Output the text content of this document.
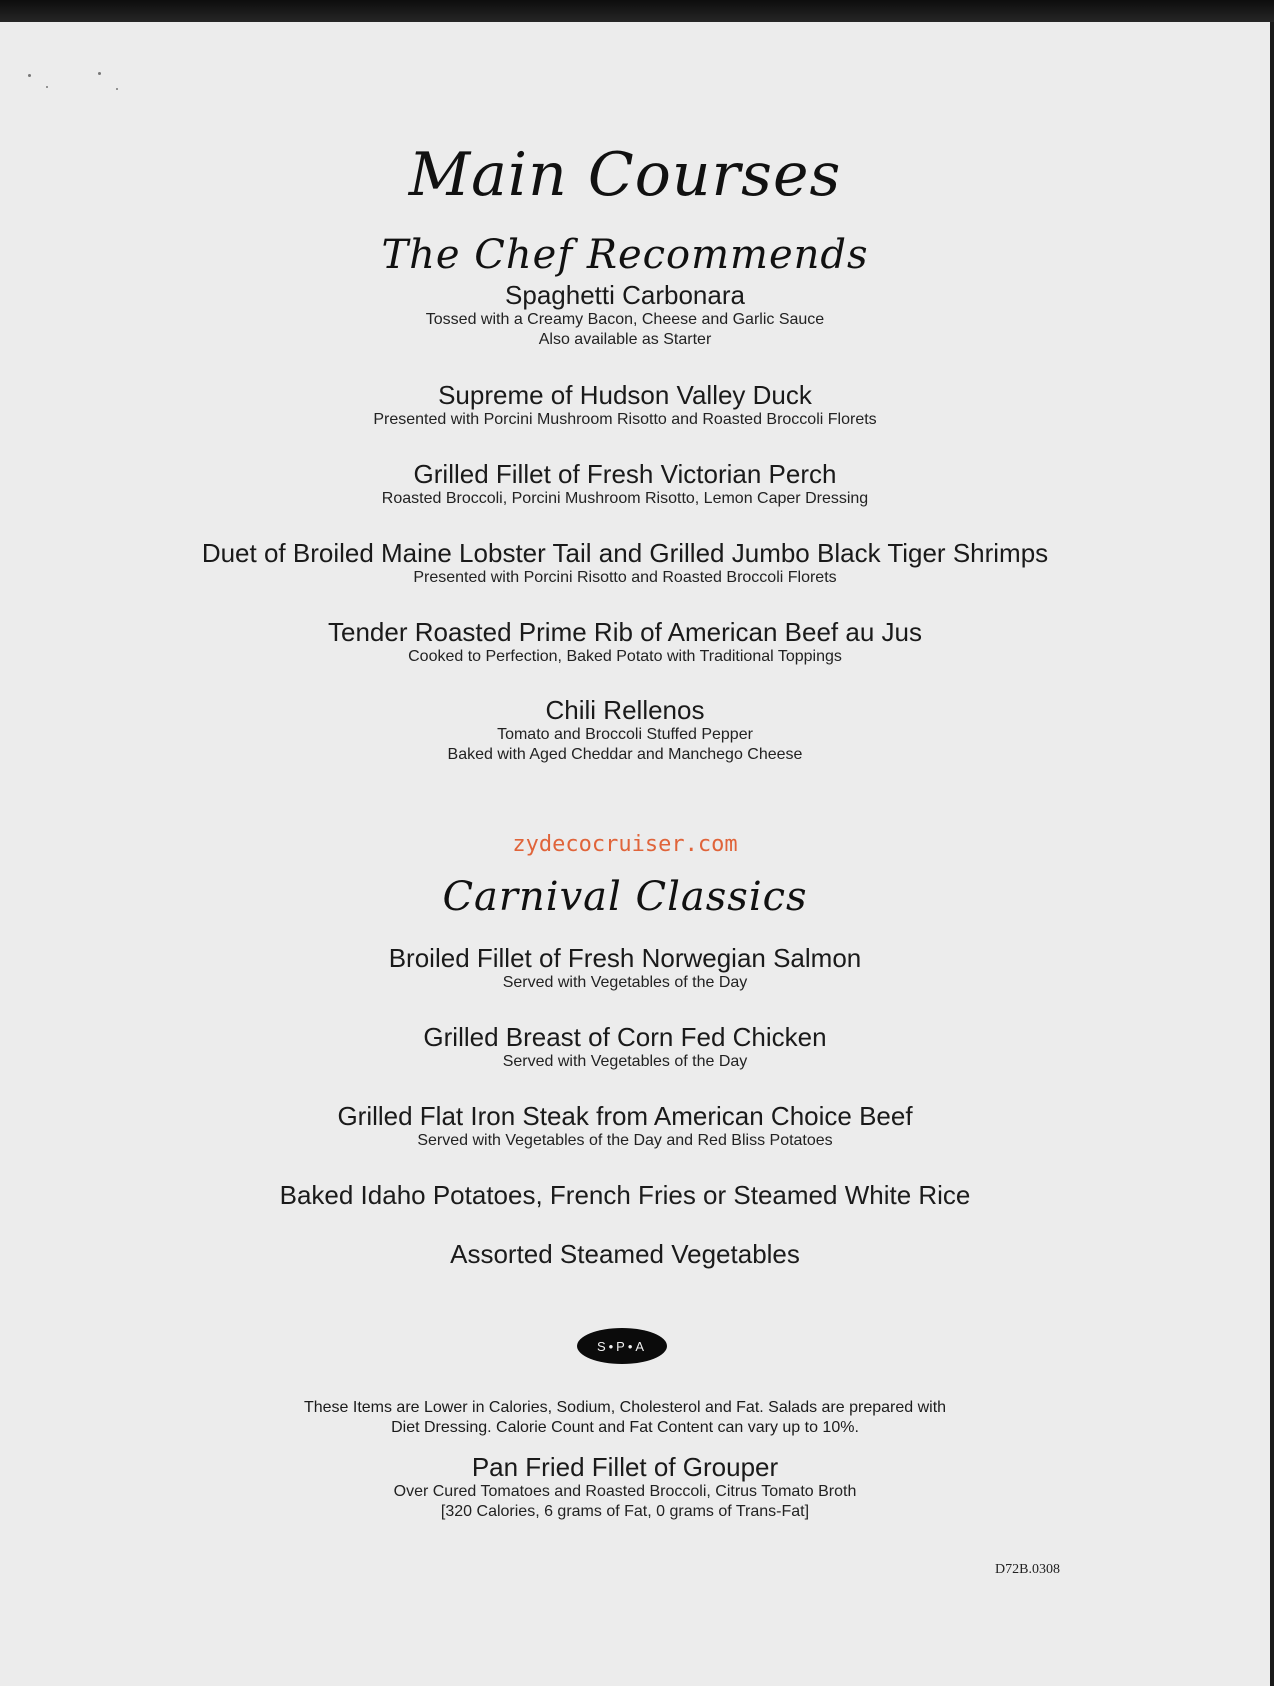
Main Courses
The Chef Recommends
Spaghetti Carbonara
Tossed with a Creamy Bacon, Cheese and Garlic Sauce
Also available as Starter
Supreme of Hudson Valley Duck
Presented with Porcini Mushroom Risotto and Roasted Broccoli Florets
Grilled Fillet of Fresh Victorian Perch
Roasted Broccoli, Porcini Mushroom Risotto, Lemon Caper Dressing
Duet of Broiled Maine Lobster Tail and Grilled Jumbo Black Tiger Shrimps
Presented with Porcini Risotto and Roasted Broccoli Florets
Tender Roasted Prime Rib of American Beef au Jus
Cooked to Perfection, Baked Potato with Traditional Toppings
Chili Rellenos
Tomato and Broccoli Stuffed Pepper
Baked with Aged Cheddar and Manchego Cheese
zydecocruiser.com
Carnival Classics
Broiled Fillet of Fresh Norwegian Salmon
Served with Vegetables of the Day
Grilled Breast of Corn Fed Chicken
Served with Vegetables of the Day
Grilled Flat Iron Steak from American Choice Beef
Served with Vegetables of the Day and Red Bliss Potatoes
Baked Idaho Potatoes, French Fries or Steamed White Rice
Assorted Steamed Vegetables
S•P•A
These Items are Lower in Calories, Sodium, Cholesterol and Fat. Salads are prepared with
Diet Dressing. Calorie Count and Fat Content can vary up to 10%.
Pan Fried Fillet of Grouper
Over Cured Tomatoes and Roasted Broccoli, Citrus Tomato Broth
[320 Calories, 6 grams of Fat, 0 grams of Trans-Fat]
D72B.0308
